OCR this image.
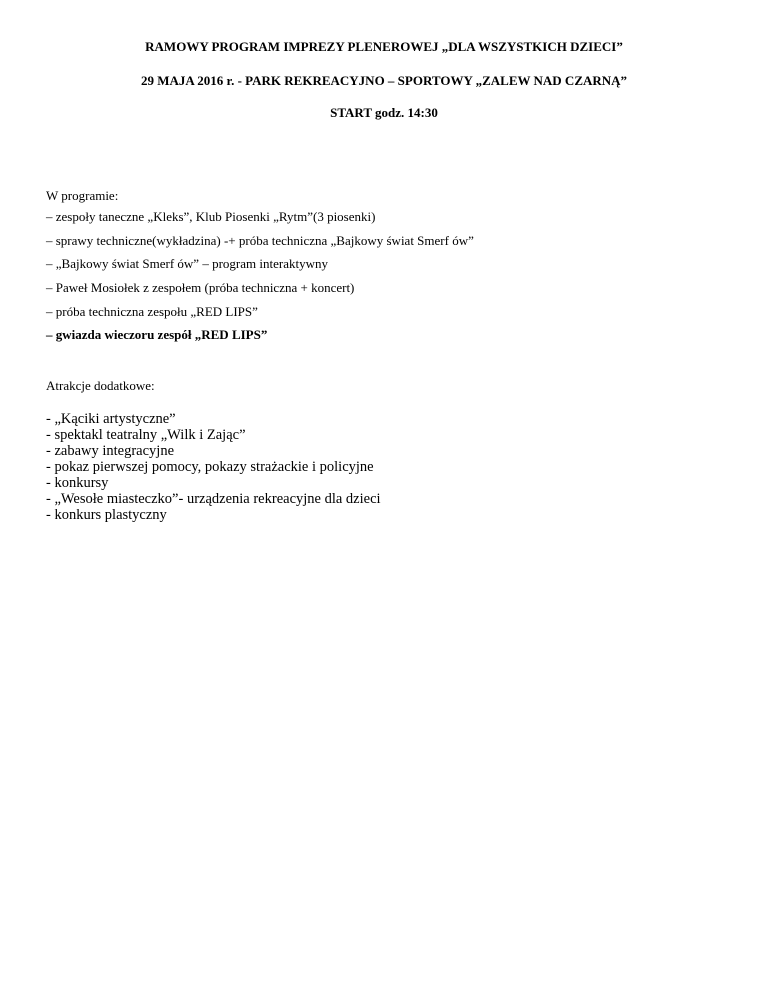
RAMOWY PROGRAM IMPREZY PLENEROWEJ „DLA WSZYSTKICH DZIECI”
29 MAJA 2016 r. - PARK REKREACYJNO – SPORTOWY „ZALEW NAD CZARNĄ”
START godz. 14:30
W programie:
– zespoły taneczne „Kleks”, Klub Piosenki „Rytm”(3 piosenki)
– sprawy techniczne(wykładzina) -+ próba techniczna „Bajkowy świat Smerf ów”
– „Bajkowy świat Smerf ów” – program interaktywny
– Paweł Mosiołek z zespołem (próba techniczna + koncert)
– próba techniczna zespołu „RED LIPS”
– gwiazda wieczoru zespół „RED LIPS”
Atrakcje dodatkowe:
- „Kąciki artystyczne”
- spektakl teatralny „Wilk i Zając”
- zabawy integracyjne
- pokaz pierwszej pomocy, pokazy strażackie i policyjne
- konkursy
- „Wesołe miasteczko”- urządzenia rekreacyjne dla dzieci
- konkurs plastyczny
